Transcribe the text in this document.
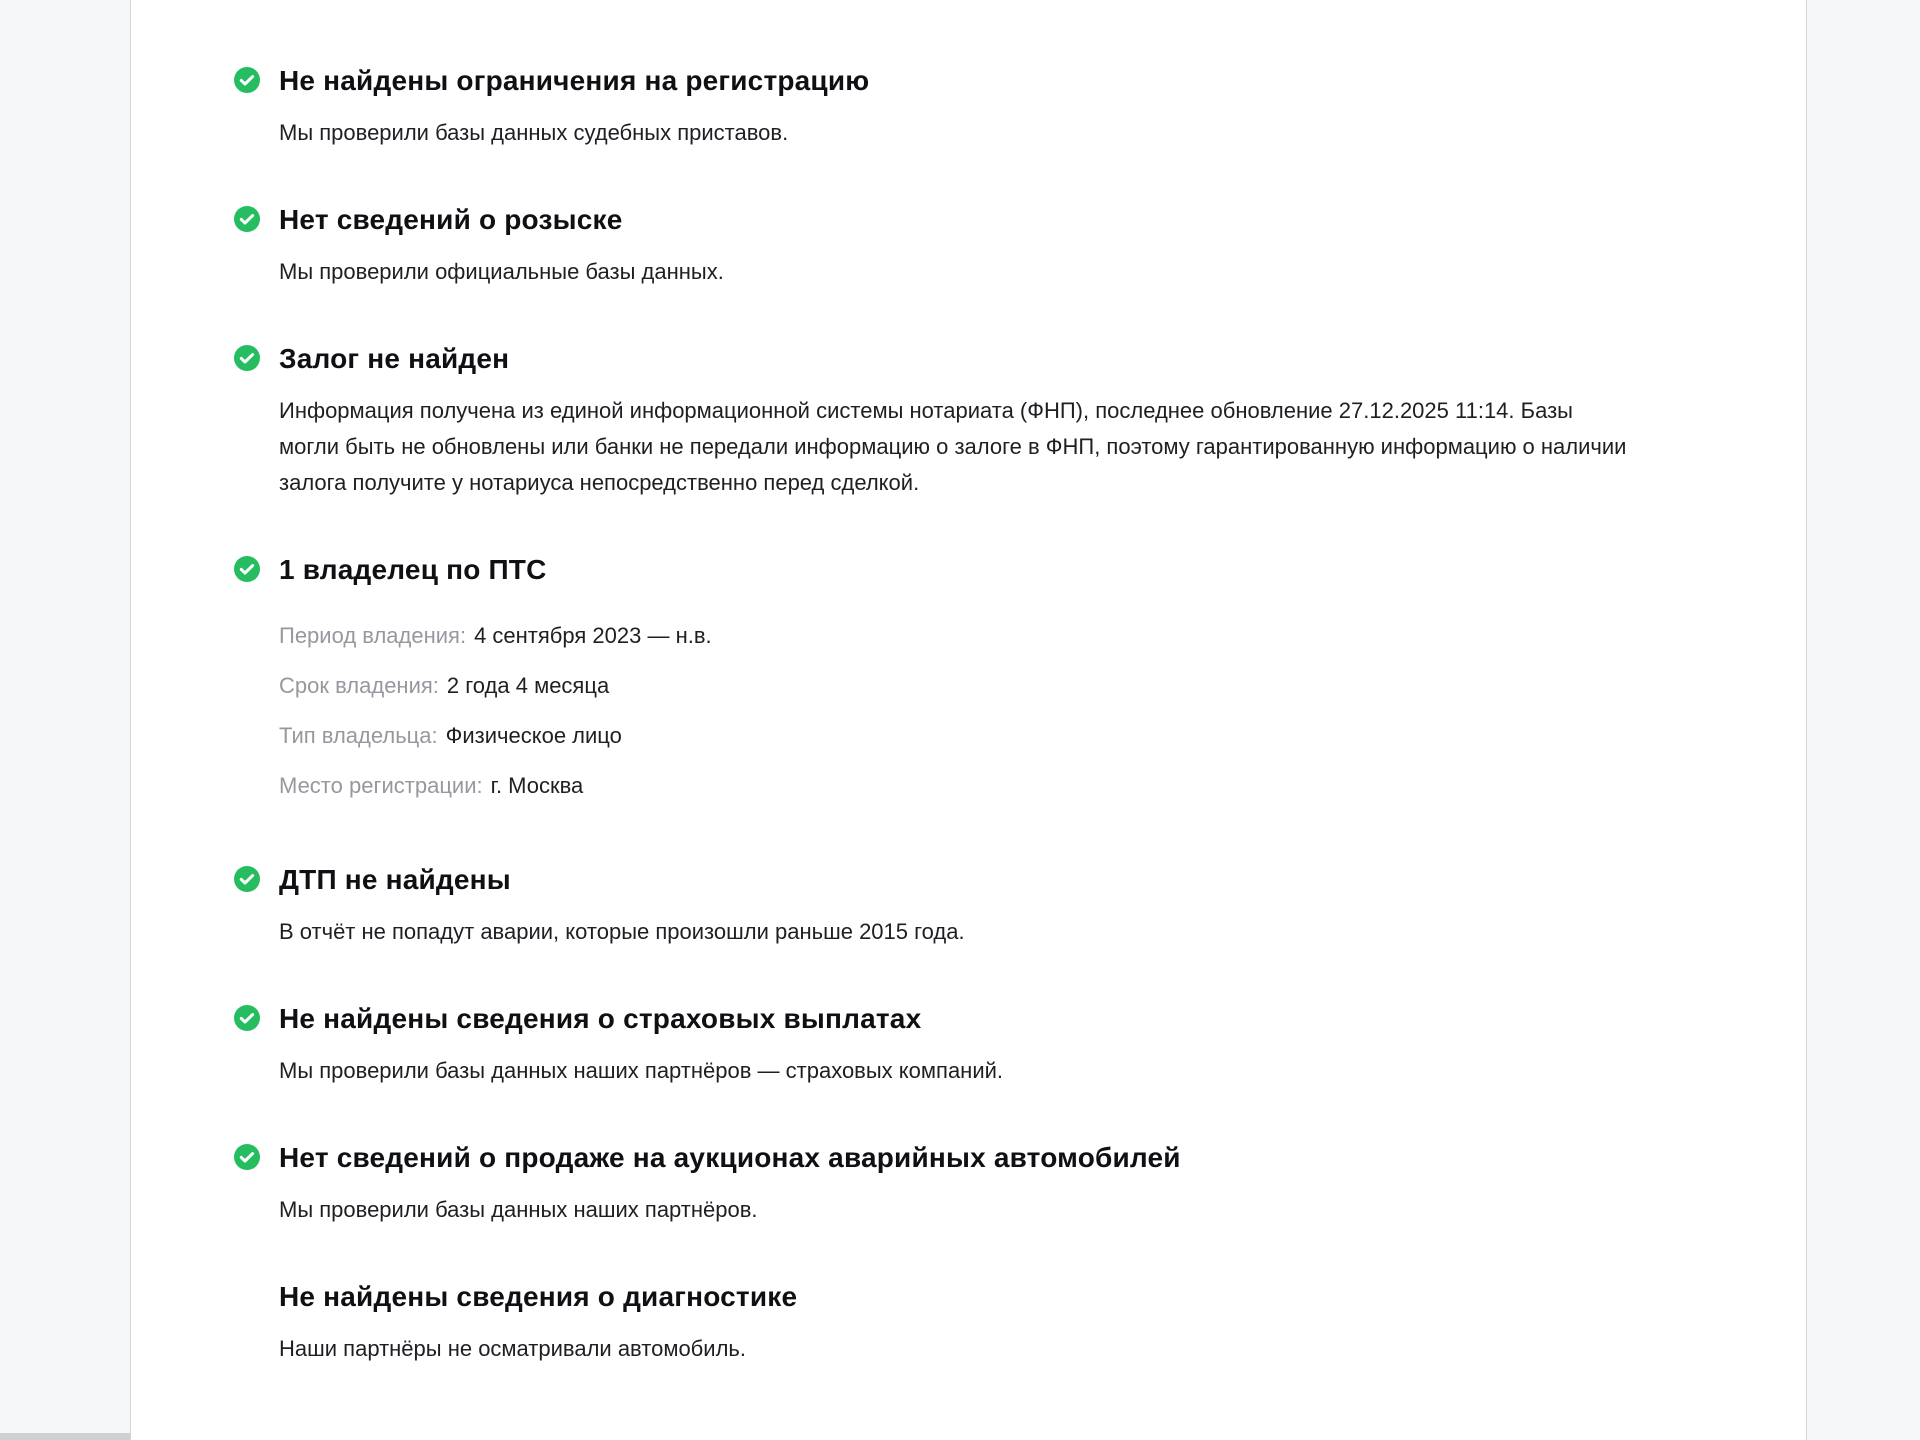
Не найдены ограничения на регистрацию

Мы проверили базы данных судебных приставов.

Нет сведений о розыске

Мы проверили официальные базы данных.

Залог не найден

Информация получена из единой информационной системы нотариата (ФНП), последнее обновление 27.12.2025 11:14. Базы могли быть не обновлены или банки не передали информацию о залоге в ФНП, поэтому гарантированную информацию о наличии залога получите у нотариуса непосредственно перед сделкой.

1 владелец по ПТС
Период владения: 4 сентября 2023 — н.в.
Срок владения: 2 года 4 месяца
Тип владельца: Физическое лицо
Место регистрации: г. Москва
ДТП не найдены

В отчёт не попадут аварии, которые произошли раньше 2015 года.

Не найдены сведения о страховых выплатах

Мы проверили базы данных наших партнёров — страховых компаний.

Нет сведений о продаже на аукционах аварийных автомобилей

Мы проверили базы данных наших партнёров.

Не найдены сведения о диагностике

Наши партнёры не осматривали автомобиль.
